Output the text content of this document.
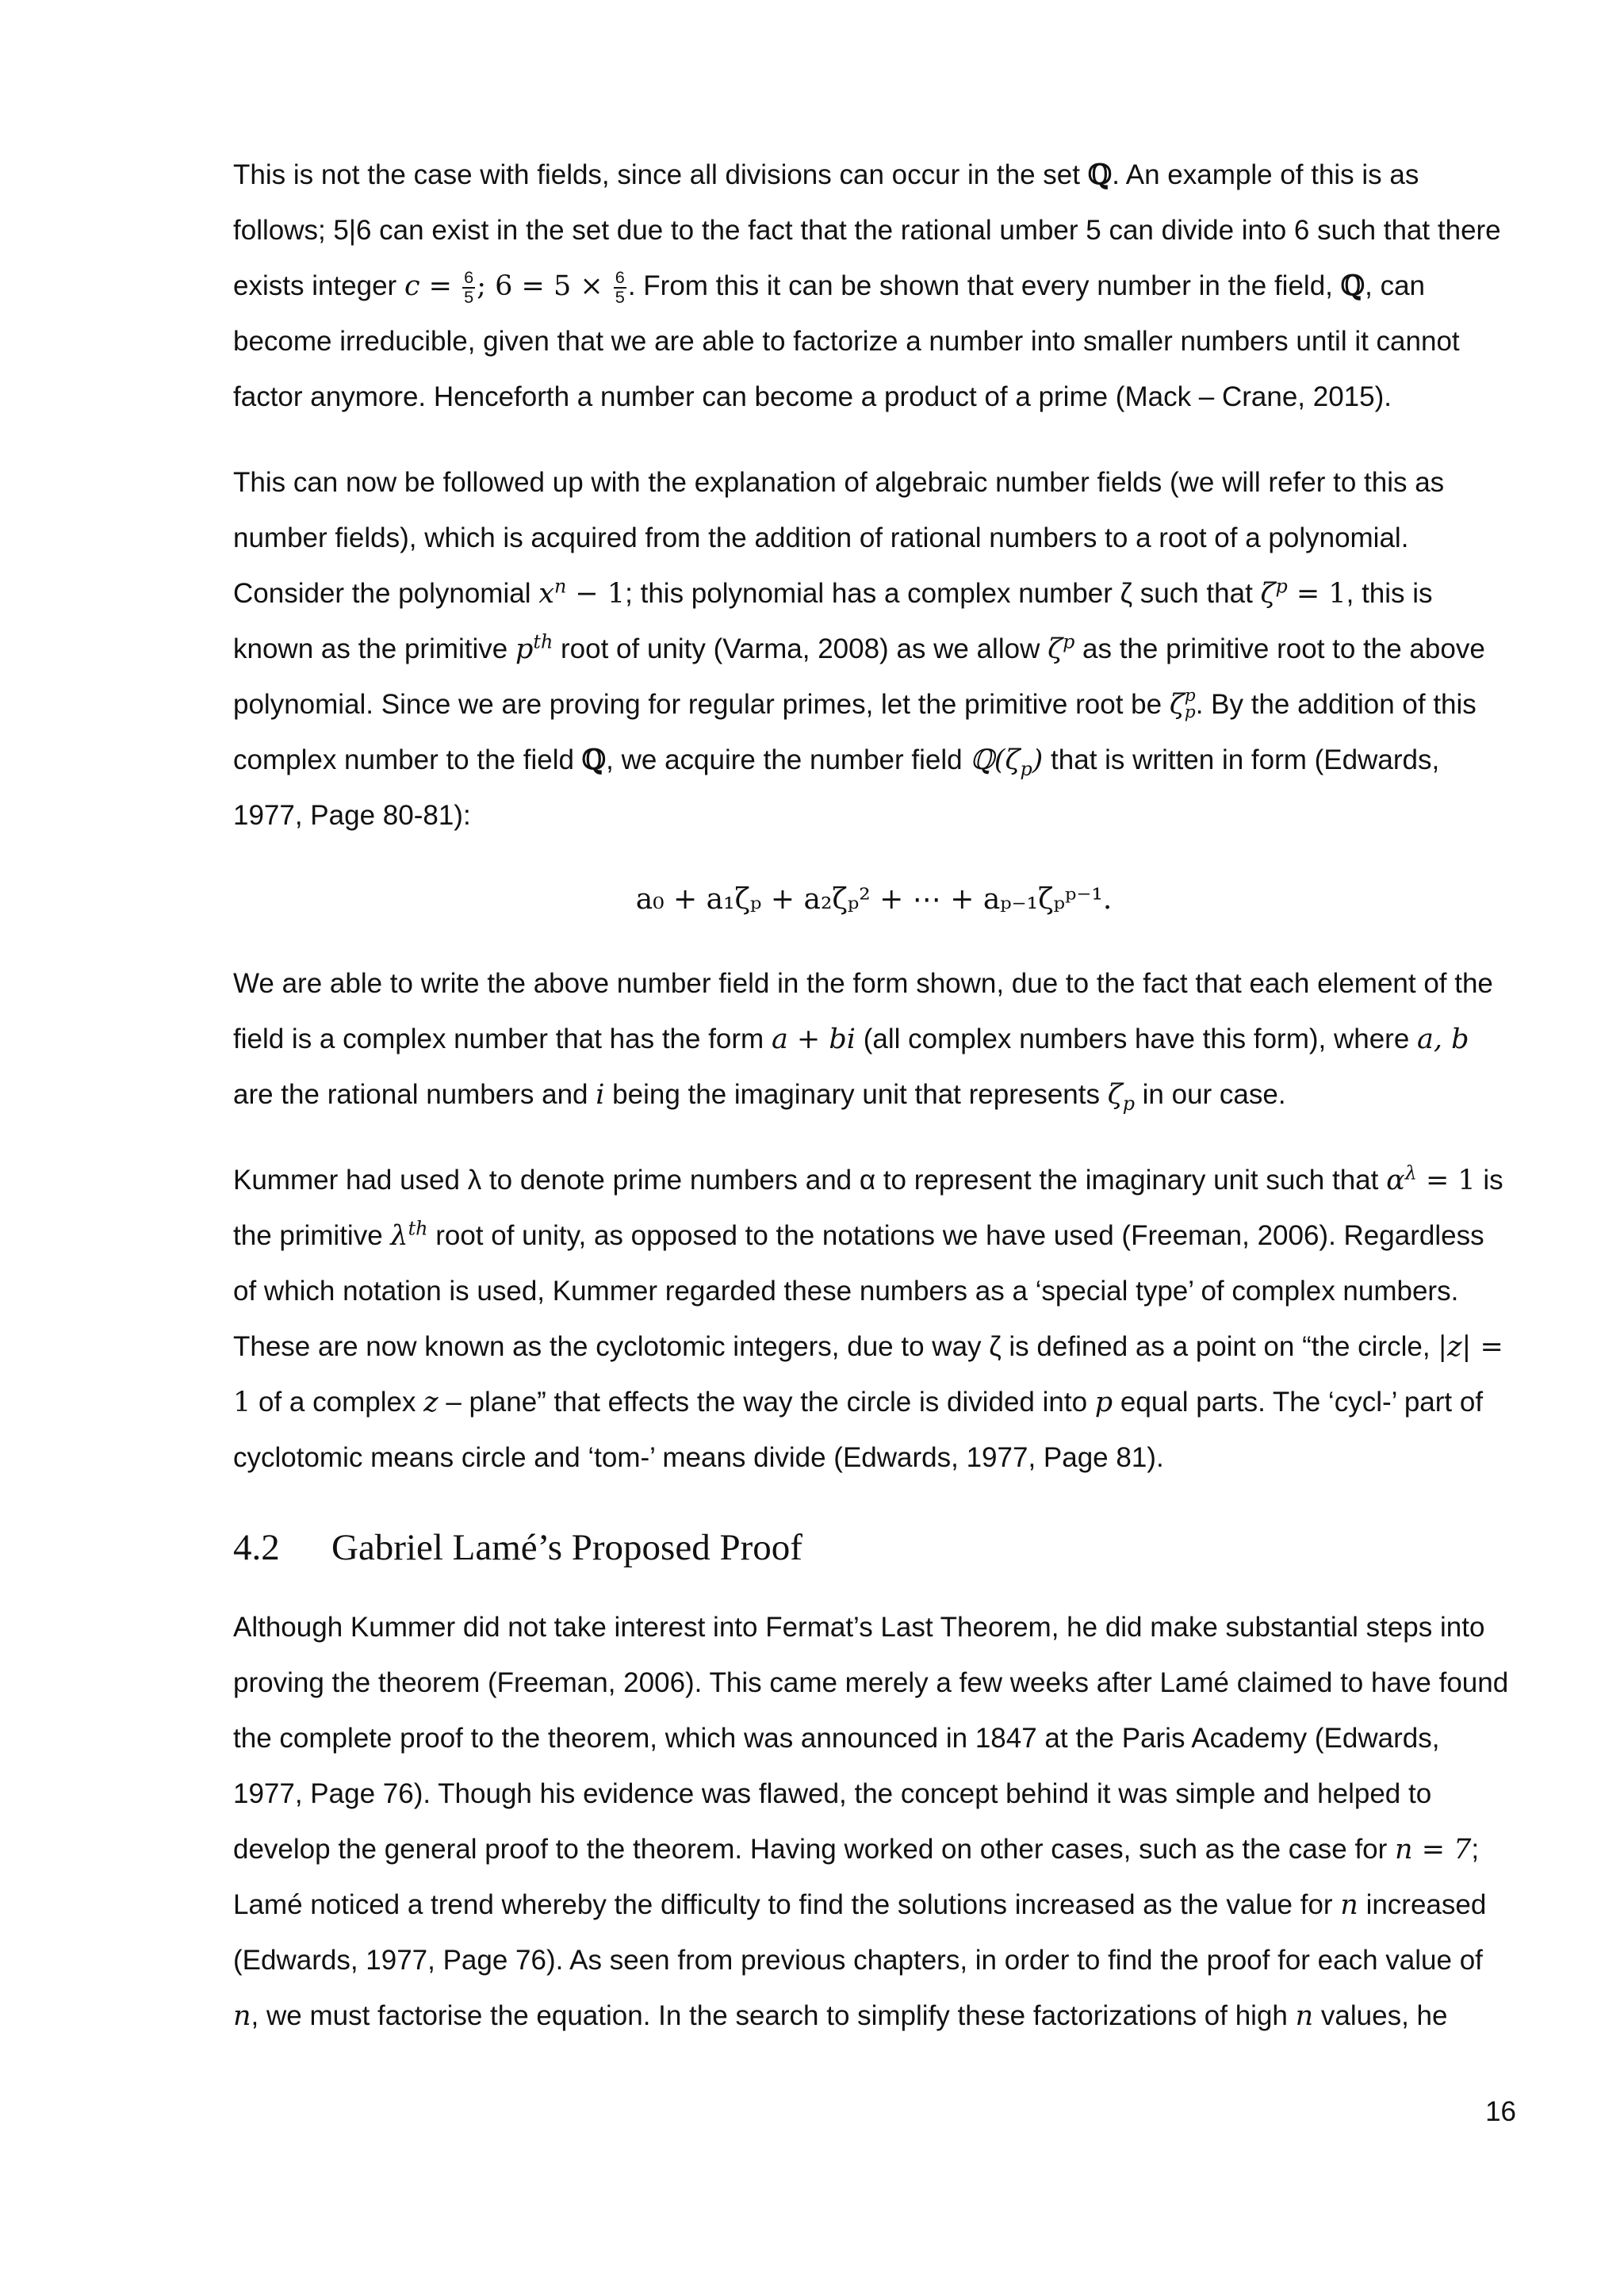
This is not the case with fields, since all divisions can occur in the set ℚ. An example of this is as follows; 5|6 can exist in the set due to the fact that the rational umber 5 can divide into 6 such that there exists integer $c = \frac{6}{5}$ ; $6 = 5 \times \frac{6}{5}$ . From this it can be shown that every number in the field, ℚ, can become irreducible, given that we are able to factorize a number into smaller numbers until it cannot factor anymore. Henceforth a number can become a product of a prime (Mack – Crane, 2015).

This can now be followed up with the explanation of algebraic number fields (we will refer to this as number fields), which is acquired from the addition of rational numbers to a root of a polynomial. Consider the polynomial $x^n - 1$; this polynomial has a complex number ζ such that $\zeta^p = 1$, this is known as the primitive $p^{th}$ root of unity (Varma, 2008) as we allow $\zeta^p$ as the primitive root to the above polynomial. Since we are proving for regular primes, let the primitive root be ζ p
p . By the addition of this complex number to the field ℚ, we acquire the number field $ℚ(\zeta_p)$ that is written in form (Edwards, 1977, Page 80-81):

a₀ + a₁ζₚ + a₂ζₚ² + ⋯ + aₚ₋₁ζₚᵖ⁻¹.

We are able to write the above number field in the form shown, due to the fact that each element of the field is a complex number that has the form a + bi (all complex numbers have this form), where a, b are the rational numbers and i being the imaginary unit that represents $\zeta_p$ in our case.

Kummer had used λ to denote prime numbers and α to represent the imaginary unit such that $\alpha^\lambda = 1$ is the primitive $\lambda^{th}$ root of unity, as opposed to the notations we have used (Freeman, 2006). Regardless of which notation is used, Kummer regarded these numbers as a ‘special type’ of complex numbers. These are now known as the cyclotomic integers, due to way ζ is defined as a point on “the circle, |z| = 1 of a complex z – plane” that effects the way the circle is divided into p equal parts. The ‘cycl-’ part of cyclotomic means circle and ‘tom-’ means divide (Edwards, 1977, Page 81).

4.2 Gabriel Lamé’s Proposed Proof

Although Kummer did not take interest into Fermat’s Last Theorem, he did make substantial steps into proving the theorem (Freeman, 2006). This came merely a few weeks after Lamé claimed to have found the complete proof to the theorem, which was announced in 1847 at the Paris Academy (Edwards, 1977, Page 76). Though his evidence was flawed, the concept behind it was simple and helped to develop the general proof to the theorem. Having worked on other cases, such as the case for n = 7; Lamé noticed a trend whereby the difficulty to find the solutions increased as the value for n increased (Edwards, 1977, Page 76). As seen from previous chapters, in order to find the proof for each value of n, we must factorise the equation. In the search to simplify these factorizations of high n values, he

16
